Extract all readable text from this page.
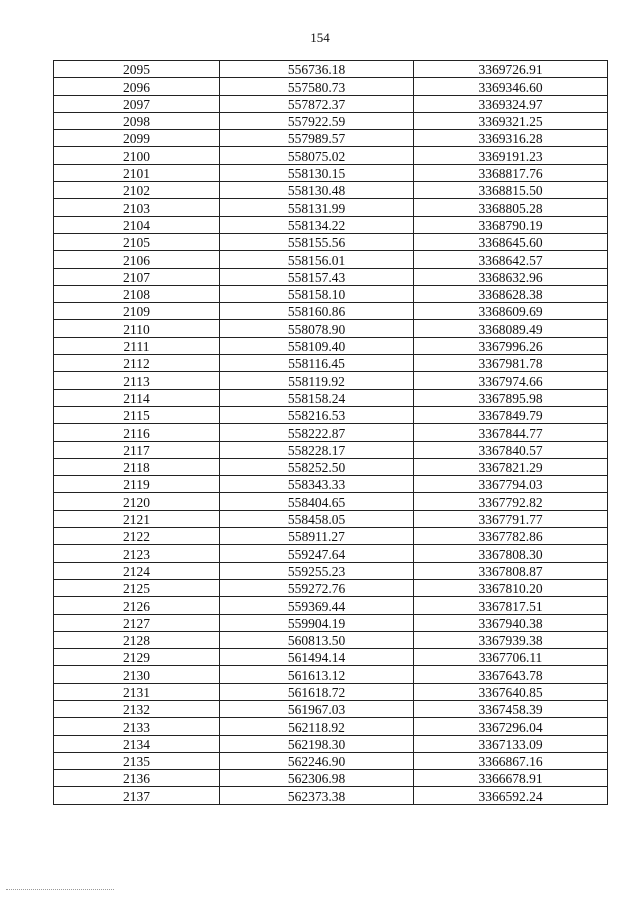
154
2095	556736.18	3369726.91
2096	557580.73	3369346.60
2097	557872.37	3369324.97
2098	557922.59	3369321.25
2099	557989.57	3369316.28
2100	558075.02	3369191.23
2101	558130.15	3368817.76
2102	558130.48	3368815.50
2103	558131.99	3368805.28
2104	558134.22	3368790.19
2105	558155.56	3368645.60
2106	558156.01	3368642.57
2107	558157.43	3368632.96
2108	558158.10	3368628.38
2109	558160.86	3368609.69
2110	558078.90	3368089.49
2111	558109.40	3367996.26
2112	558116.45	3367981.78
2113	558119.92	3367974.66
2114	558158.24	3367895.98
2115	558216.53	3367849.79
2116	558222.87	3367844.77
2117	558228.17	3367840.57
2118	558252.50	3367821.29
2119	558343.33	3367794.03
2120	558404.65	3367792.82
2121	558458.05	3367791.77
2122	558911.27	3367782.86
2123	559247.64	3367808.30
2124	559255.23	3367808.87
2125	559272.76	3367810.20
2126	559369.44	3367817.51
2127	559904.19	3367940.38
2128	560813.50	3367939.38
2129	561494.14	3367706.11
2130	561613.12	3367643.78
2131	561618.72	3367640.85
2132	561967.03	3367458.39
2133	562118.92	3367296.04
2134	562198.30	3367133.09
2135	562246.90	3366867.16
2136	562306.98	3366678.91
2137	562373.38	3366592.24
